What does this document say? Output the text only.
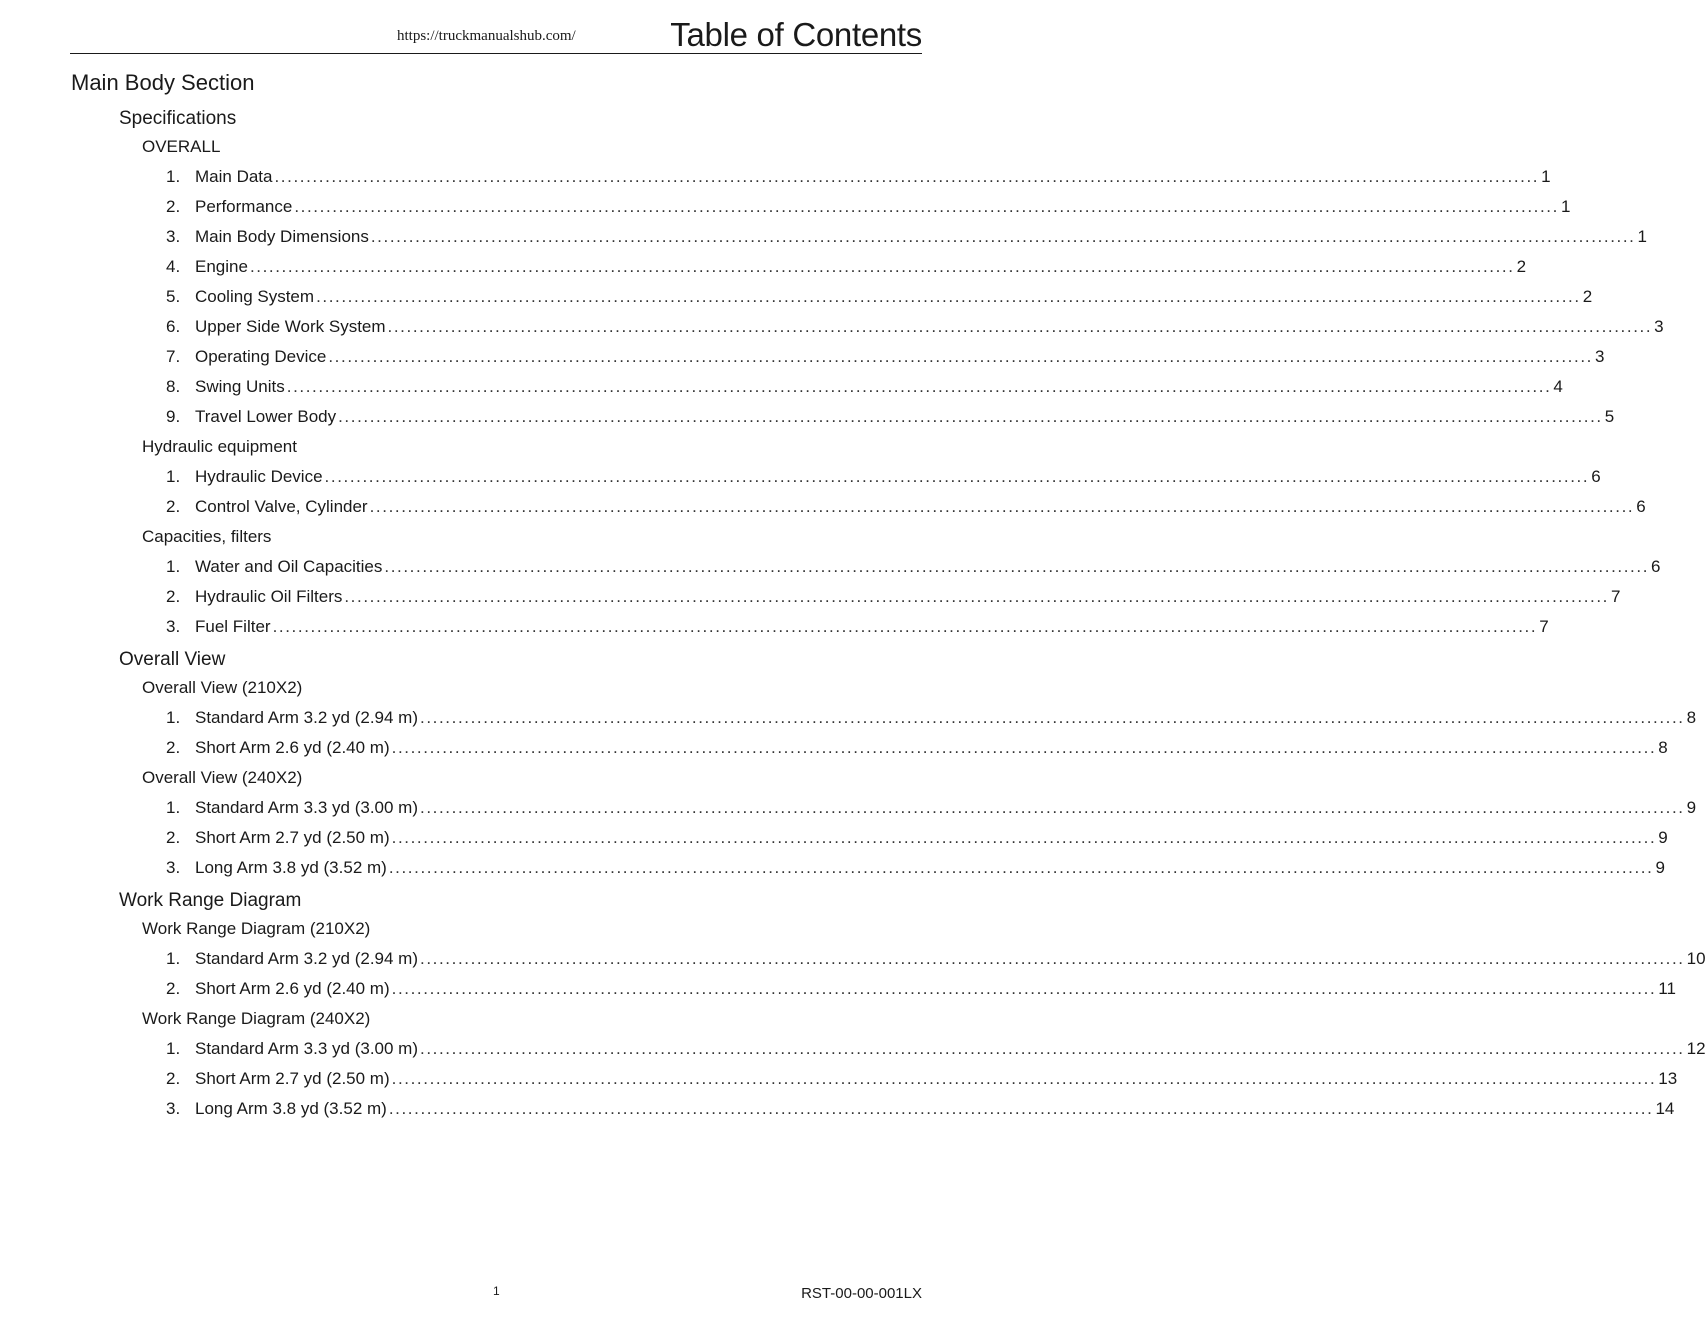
https://truckmanualshub.com/	Table of Contents
Main Body Section
Specifications
OVERALL
1. Main Data ........................................................................................................................................................................................................ 1
2. Performance ........................................................................................................................................................................................................ 1
3. Main Body Dimensions ........................................................................................................................................................................................................ 1
4. Engine ........................................................................................................................................................................................................ 2
5. Cooling System ........................................................................................................................................................................................................ 2
6. Upper Side Work System ........................................................................................................................................................................................................ 3
7. Operating Device ........................................................................................................................................................................................................ 3
8. Swing Units ........................................................................................................................................................................................................ 4
9. Travel Lower Body ........................................................................................................................................................................................................ 5
Hydraulic equipment
1. Hydraulic Device ........................................................................................................................................................................................................ 6
2. Control Valve, Cylinder ........................................................................................................................................................................................................ 6
Capacities, filters
1. Water and Oil Capacities ........................................................................................................................................................................................................ 6
2. Hydraulic Oil Filters ........................................................................................................................................................................................................ 7
3. Fuel Filter ........................................................................................................................................................................................................ 7
Overall View
Overall View (210X2)
1. Standard Arm 3.2 yd (2.94 m) ........................................................................................................................................................................................................ 8
2. Short Arm 2.6 yd (2.40 m) ........................................................................................................................................................................................................ 8
Overall View (240X2)
1. Standard Arm 3.3 yd (3.00 m) ........................................................................................................................................................................................................ 9
2. Short Arm 2.7 yd (2.50 m) ........................................................................................................................................................................................................ 9
3. Long Arm 3.8 yd (3.52 m) ........................................................................................................................................................................................................ 9
Work Range Diagram
Work Range Diagram (210X2)
1. Standard Arm 3.2 yd (2.94 m) ........................................................................................................................................................................................................ 10
2. Short Arm 2.6 yd (2.40 m) ........................................................................................................................................................................................................ 11
Work Range Diagram (240X2)
1. Standard Arm 3.3 yd (3.00 m) ........................................................................................................................................................................................................ 12
2. Short Arm 2.7 yd (2.50 m) ........................................................................................................................................................................................................ 13
3. Long Arm 3.8 yd (3.52 m) ........................................................................................................................................................................................................ 14
1	RST-00-00-001LX
